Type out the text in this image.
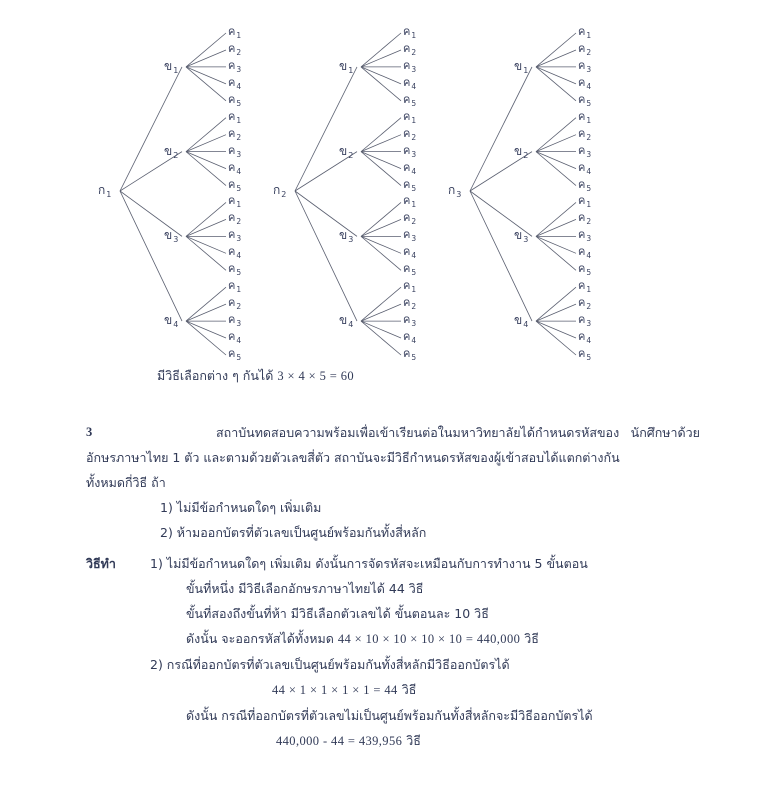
ก$_1$
ข$_1$
ค$_1$
ค$_2$
ค$_3$
ค$_4$
ค$_5$
ข$_2$
ค$_1$
ค$_2$
ค$_3$
ค$_4$
ค$_5$
ข$_3$
ค$_1$
ค$_2$
ค$_3$
ค$_4$
ค$_5$
ข$_4$
ค$_1$
ค$_2$
ค$_3$
ค$_4$
ค$_5$
ก$_2$
ข$_1$
ค$_1$
ค$_2$
ค$_3$
ค$_4$
ค$_5$
ข$_2$
ค$_1$
ค$_2$
ค$_3$
ค$_4$
ค$_5$
ข$_3$
ค$_1$
ค$_2$
ค$_3$
ค$_4$
ค$_5$
ข$_4$
ค$_1$
ค$_2$
ค$_3$
ค$_4$
ค$_5$
ก$_3$
ข$_1$
ค$_1$
ค$_2$
ค$_3$
ค$_4$
ค$_5$
ข$_2$
ค$_1$
ค$_2$
ค$_3$
ค$_4$
ค$_5$
ข$_3$
ค$_1$
ค$_2$
ค$_3$
ค$_4$
ค$_5$
ข$_4$
ค$_1$
ค$_2$
ค$_3$
ค$_4$
ค$_5$
มีวิธีเลือกต่าง ๆ กันได้ 3 × 4 × 5 = 60
3	สถาบันทดสอบความพร้อมเพื่อเข้าเรียนต่อในมหาวิทยาลัยได้กำหนดรหัสของ นักศึกษาด้วย
อักษรภาษาไทย 1 ตัว และตามด้วยตัวเลขสี่ตัว สถาบันจะมีวิธีกำหนดรหัสของผู้เข้าสอบได้แตกต่างกัน
ทั้งหมดกี่วิธี ถ้า
1) ไม่มีข้อกำหนดใดๆ เพิ่มเติม
2) ห้ามออกบัตรที่ตัวเลขเป็นศูนย์พร้อมกันทั้งสี่หลัก
วิธีทำ	1) ไม่มีข้อกำหนดใดๆ เพิ่มเติม ดังนั้นการจัดรหัสจะเหมือนกับการทำงาน 5 ขั้นตอน
ขั้นที่หนึ่ง มีวิธีเลือกอักษรภาษาไทยได้ 44 วิธี
ขั้นที่สองถึงขั้นที่ห้า มีวิธีเลือกตัวเลขได้ ขั้นตอนละ 10 วิธี
ดังนั้น จะออกรหัสได้ทั้งหมด 44 × 10 × 10 × 10 × 10 = 440,000 วิธี
2) กรณีที่ออกบัตรที่ตัวเลขเป็นศูนย์พร้อมกันทั้งสี่หลักมีวิธีออกบัตรได้
44 × 1 × 1 × 1 × 1 = 44 วิธี
ดังนั้น กรณีที่ออกบัตรที่ตัวเลขไม่เป็นศูนย์พร้อมกันทั้งสี่หลักจะมีวิธีออกบัตรได้
440,000 - 44 = 439,956 วิธี
